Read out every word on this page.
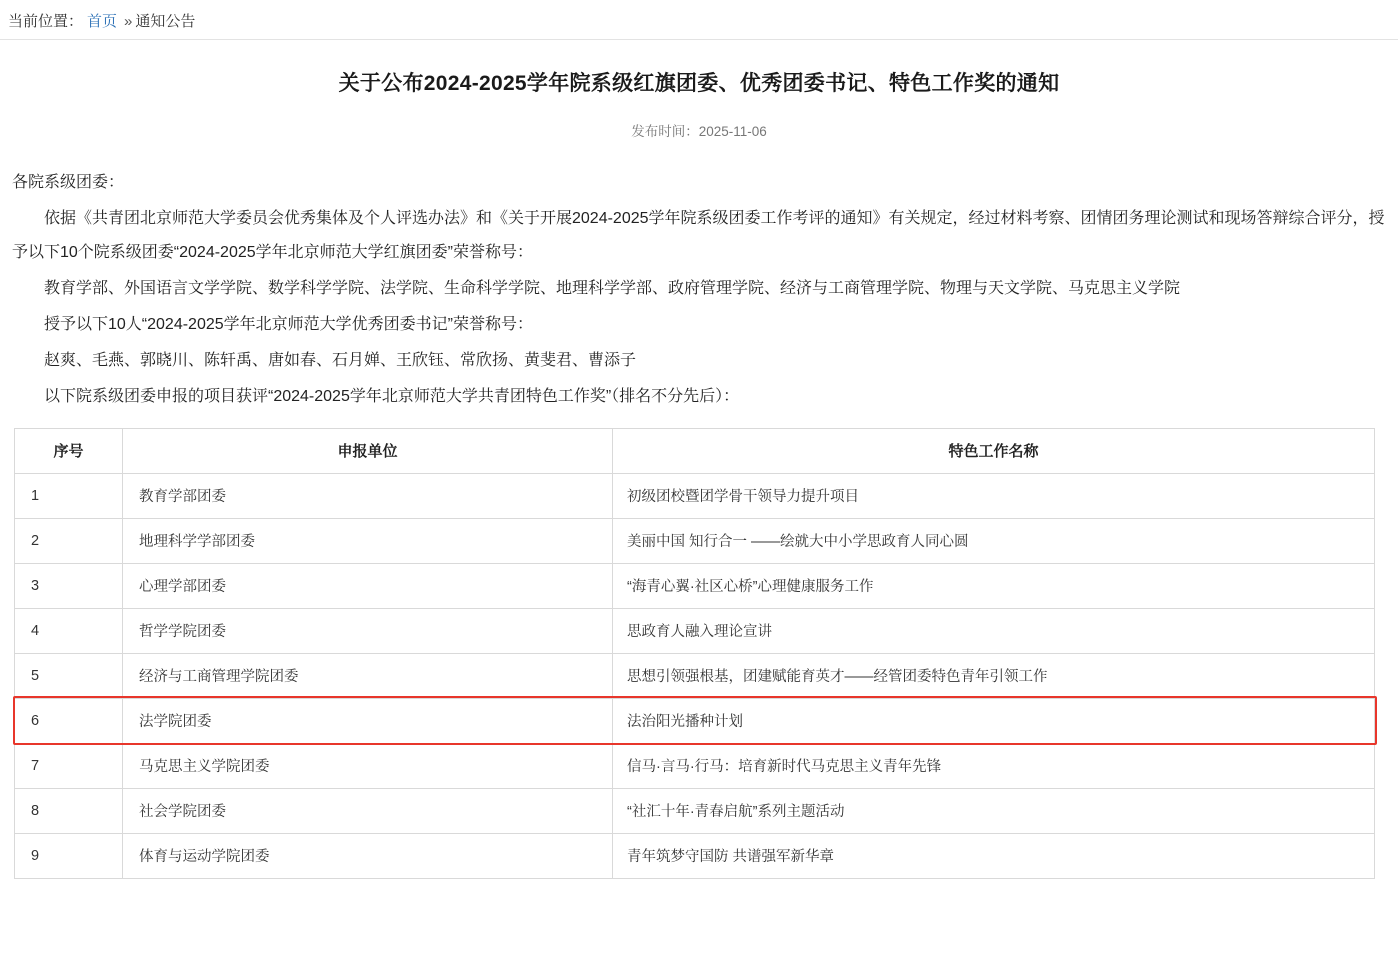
当前位置： 首页 » 通知公告
关于公布2024-2025学年院系级红旗团委、优秀团委书记、特色工作奖的通知
发布时间：2025-11-06

各院系级团委：

依据《共青团北京师范大学委员会优秀集体及个人评选办法》和《关于开展2024-2025学年院系级团委工作考评的通知》有关规定，经过材料考察、团情团务理论测试和现场答辩综合评分，授予以下10个院系级团委“2024-2025学年北京师范大学红旗团委”荣誉称号：

教育学部、外国语言文学学院、数学科学学院、法学院、生命科学学院、地理科学学部、政府管理学院、经济与工商管理学院、物理与天文学院、马克思主义学院

授予以下10人“2024-2025学年北京师范大学优秀团委书记”荣誉称号：

赵爽、毛燕、郭晓川、陈轩禹、唐如春、石月婵、王欣钰、常欣扬、黄斐君、曹添子

以下院系级团委申报的项目获评“2024-2025学年北京师范大学共青团特色工作奖”（排名不分先后）：

序号	申报单位	特色工作名称
1	教育学部团委	初级团校暨团学骨干领导力提升项目
2	地理科学学部团委	美丽中国 知行合一 ——绘就大中小学思政育人同心圆
3	心理学部团委	“海青心翼·社区心桥”心理健康服务工作
4	哲学学院团委	思政育人融入理论宣讲
5	经济与工商管理学院团委	思想引领强根基，团建赋能育英才——经管团委特色青年引领工作
6	法学院团委	法治阳光播种计划
7	马克思主义学院团委	信马·言马·行马：培育新时代马克思主义青年先锋
8	社会学院团委	“社汇十年·青春启航”系列主题活动
9	体育与运动学院团委	青年筑梦守国防 共谱强军新华章
